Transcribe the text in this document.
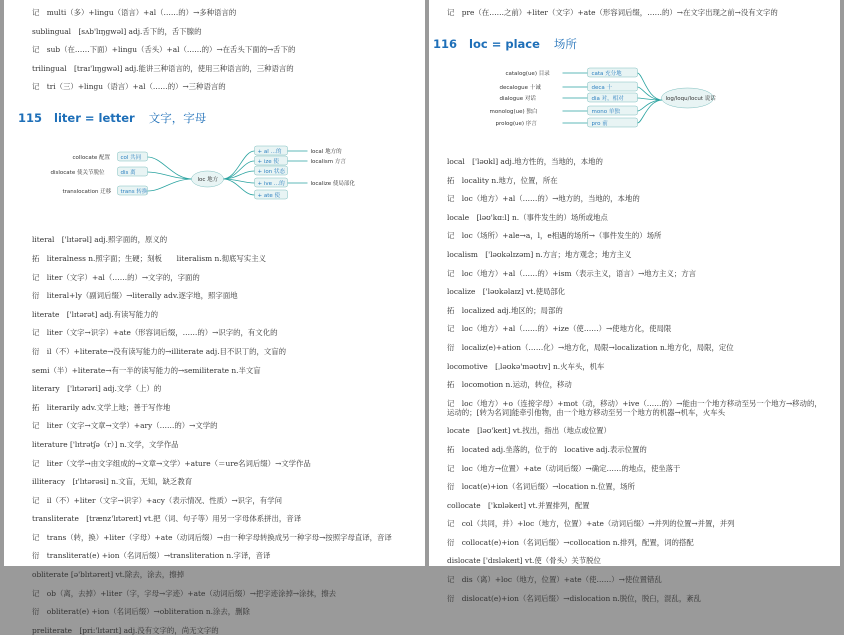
记　multi（多）+lingu（语言）+al（……的）→多种语言的

sublingual　[sʌb'lɪŋgwəl] adj.舌下的，舌下腺的

记　sub（在……下面）+lingu（舌头）+al（……的）→在舌头下面的→舌下的

trilingual　[traɪ'lɪŋgwəl] adj.能讲三种语言的，使用三种语言的，三种语言的

记　tri（三）+lingu（语言）+al（……的）→三种语言的

115 liter = letter 文字，字母
collocate 配置
dislocate 使关节脱位
translocation 迁移
col 共同
dis 离
trans 转换
loc 地方
+ al …的
+ ize 使
+ ion 状态
+ ive …的
+ ate 使
local 地方的
localism 方言
localize 使局部化

literal　['lɪtərəl] adj.照字面的，原义的

拓　literalness n.照字面；生硬；刻板　　literalism n.彻底写实主义

记　liter（文字）+al（……的）→文字的，字面的

衍　literal+ly（副词后缀）→literally adv.逐字地，照字面地

literate　['lɪtərət] adj.有读写能力的

记　liter（文字→识字）+ate（形容词后缀，……的）→识字的，有文化的

衍　il（不）+literate→没有读写能力的→illiterate adj.目不识丁的，文盲的

semi（半）+literate→有一半的读写能力的→semiliterate n.半文盲

literary　['lɪtərəri] adj.文学（上）的

拓　literarily adv.文学上地；善于写作地

记　liter（文字→文章→文学）+ary（……的）→文学的

literature ['lɪtrətʃə（r）] n.文学，文学作品

记　liter（文学→由文字组成的→文章→文学）+ature（＝ure名词后缀）→文学作品

illiteracy　[ɪ'lɪtərəsi] n.文盲，无知，缺乏教育

记　il（不）+liter（文字→识字）+acy（表示情况、性质）→识字，有学问

transliterate　[trænz'lɪtəreɪt] vt.把（词、句子等）用另一字母体系拼出，音译

记　trans（转，换）+liter（字母）+ate（动词后缀）→由一种字母转换成另一种字母→按照字母直译，音译

衍　transliterat(e) +ion（名词后缀）→transliteration n.字译，音译

obliterate [ə'blɪtəreɪt] vt.除去，涂去，擦掉

记　ob（离，去掉）+liter（字，字母→字迹）+ate（动词后缀）→把字迹涂掉→涂抹，擦去

衍　obliterat(e) +ion（名词后缀）→obliteration n.涂去，删除

preliterate　[pri:'lɪtərɪt] adj.没有文字的，尚无文字的

记　pre（在……之前）+liter（文字）+ate（形容词后缀，……的）→在文字出现之前→没有文字的

116 loc = place 场所
catalog(ue) 目录
decalogue 十诫
dialogue 对话
monolog(ue) 独白
prolog(ue) 序言
cata 充分地
deca 十
dia 对，相对
mono 单独
pro 前
log/loqu/locut 说话

local　['ləʊkl] adj.地方性的，当地的，本地的

拓　locality n.地方，位置，所在

记　loc（地方）+al（……的）→地方的，当地的，本地的

locale　[ləʊ'kɑ:l] n.（事件发生的）场所或地点

记　loc（场所）+ale→a，l，e相遇的场所→（事件发生的）场所

localism　['ləʊkəlɪzəm] n.方言；地方观念；地方主义

记　loc（地方）+al（……的）+ism（表示主义，语言）→地方主义；方言

localize　['ləʊkəlaɪz] vt.使局部化

拓　localized adj.地区的；局部的

记　loc（地方）+al（……的）+ize（使……）→使地方化，使局限

衍　localiz(e)+ation（……化）→地方化，局限→localization n.地方化，局限，定位

locomotive　[ˌləʊkə'məʊtɪv] n.火车头，机车

拓　locomotion n.运动，转位，移动

记　loc（地方）+o（连接字母）+mot（动，移动）+ive（……的）→能由一个地方移动至另一个地方→移动的，运动的；[转为名词]能牵引他物，由一个地方移动至另一个地方的机器→机车，火车头

locate　[ləʊ'keɪt] vt.找出，指出（地点或位置）

拓　located adj.坐落的，位于的　locative adj.表示位置的

记　loc（地方→位置）+ate（动词后缀）→确定……的地点，使坐落于

衍　locat(e)+ion（名词后缀）→location n.位置，场所

collocate　['kɒləkeɪt] vt.并置排列，配置

记　col（共同，并）+loc（地方，位置）+ate（动词后缀）→并列的位置→并置，并列

衍　collocat(e)+ion（名词后缀）→collocation n.排列，配置，词的搭配

dislocate ['dɪsləkeɪt] vt.使（骨头）关节脱位

记　dis（离）+loc（地方，位置）+ate（使……）→使位置错乱

衍　dislocat(e)+ion（名词后缀）→dislocation n.脱位，脱臼，混乱，紊乱
